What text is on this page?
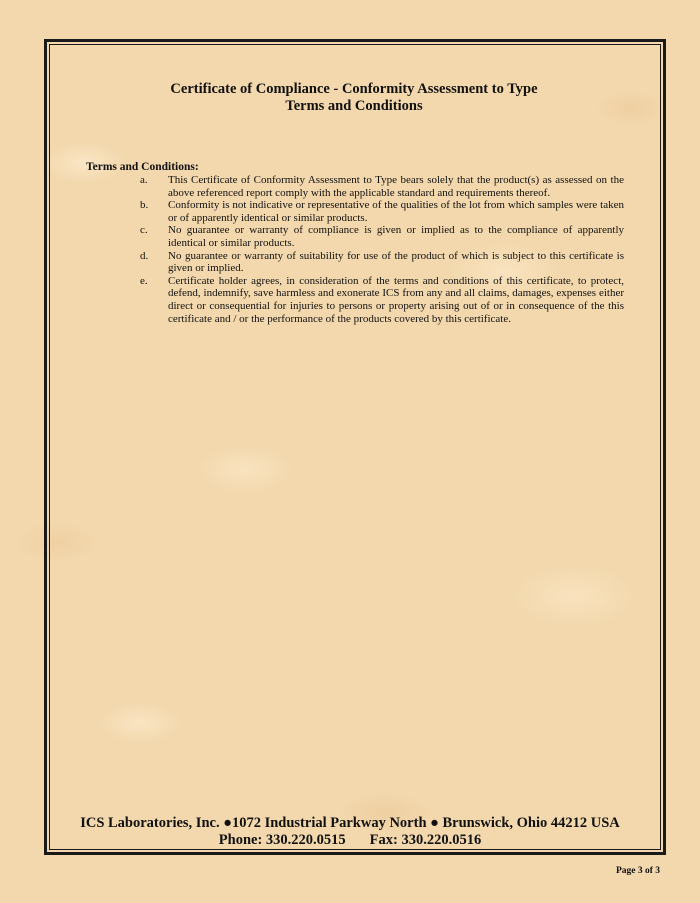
Certificate of Compliance - Conformity Assessment to Type
Terms and Conditions
Terms and Conditions:
a.	This Certificate of Conformity Assessment to Type bears solely that the product(s) as assessed on the above referenced report comply with the applicable standard and requirements thereof.
b.	Conformity is not indicative or representative of the qualities of the lot from which samples were taken or of apparently identical or similar products.
c.	No guarantee or warranty of compliance is given or implied as to the compliance of apparently identical or similar products.
d.	No guarantee or warranty of suitability for use of the product of which is subject to this certificate is given or implied.
e.	Certificate holder agrees, in consideration of the terms and conditions of this certificate, to protect, defend, indemnify, save harmless and exonerate ICS from any and all claims, damages, expenses either direct or consequential for injuries to persons or property arising out of or in consequence of the this certificate and / or the performance of the products covered by this certificate.
ICS Laboratories, Inc. ●1072 Industrial Parkway North ● Brunswick, Ohio 44212 USA
Phone: 330.220.0515 Fax: 330.220.0516
Page 3 of 3
